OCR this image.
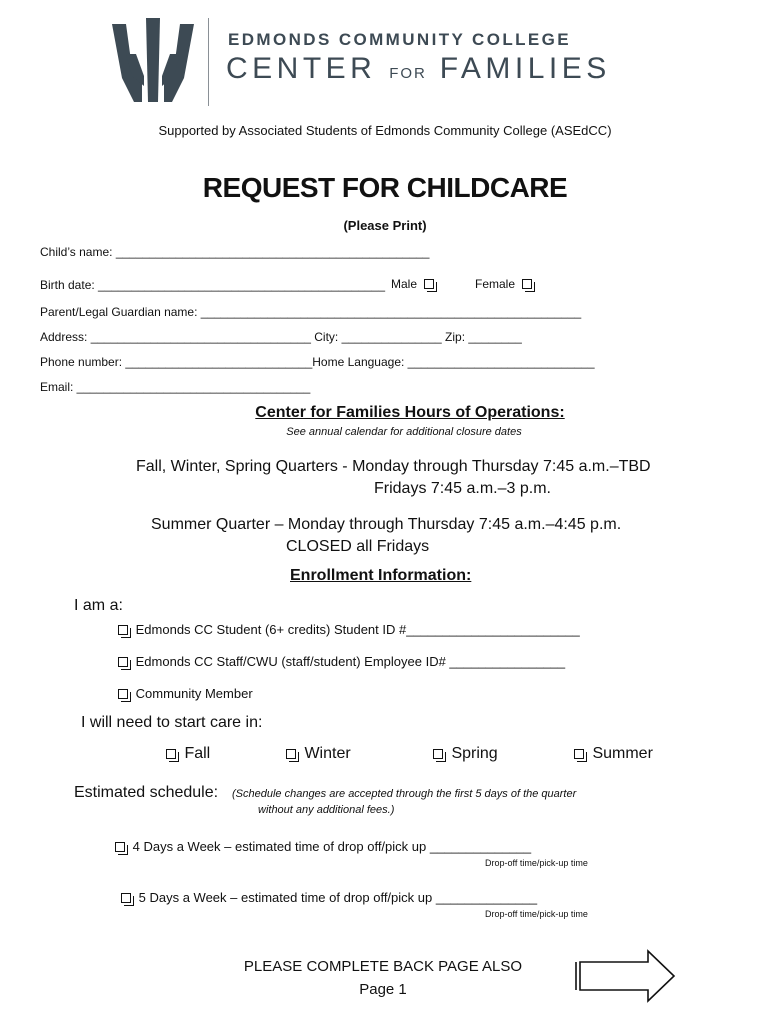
EDMONDS COMMUNITY COLLEGE
CENTER FOR FAMILIES
Supported by Associated Students of Edmonds Community College (ASEdCC)
REQUEST FOR CHILDCARE
(Please Print)
Child’s name: _______________________________________________
Birth date: ___________________________________________ Male	Female
Parent/Legal Guardian name: _________________________________________________________
Address: _________________________________ City: _______________ Zip: ________
Phone number: ____________________________Home Language: ____________________________
Email: ___________________________________
Center for Families Hours of Operations:
See annual calendar for additional closure dates
Fall, Winter, Spring Quarters - Monday through Thursday 7:45 a.m.–TBD
Fridays 7:45 a.m.–3 p.m.
Summer Quarter – Monday through Thursday 7:45 a.m.–4:45 p.m.
CLOSED all Fridays
Enrollment Information:
I am a:
Edmonds CC Student (6+ credits) Student ID #________________________
Edmonds CC Staff/CWU (staff/student) Employee ID# ________________
Community Member
I will need to start care in:
Fall	Winter	Spring	Summer
Estimated schedule: (Schedule changes are accepted through the first 5 days of the quarter
without any additional fees.)
4 Days a Week – estimated time of drop off/pick up ______________
Drop-off time/pick-up time
5 Days a Week – estimated time of drop off/pick up ______________
Drop-off time/pick-up time
PLEASE COMPLETE BACK PAGE ALSO
Page 1
